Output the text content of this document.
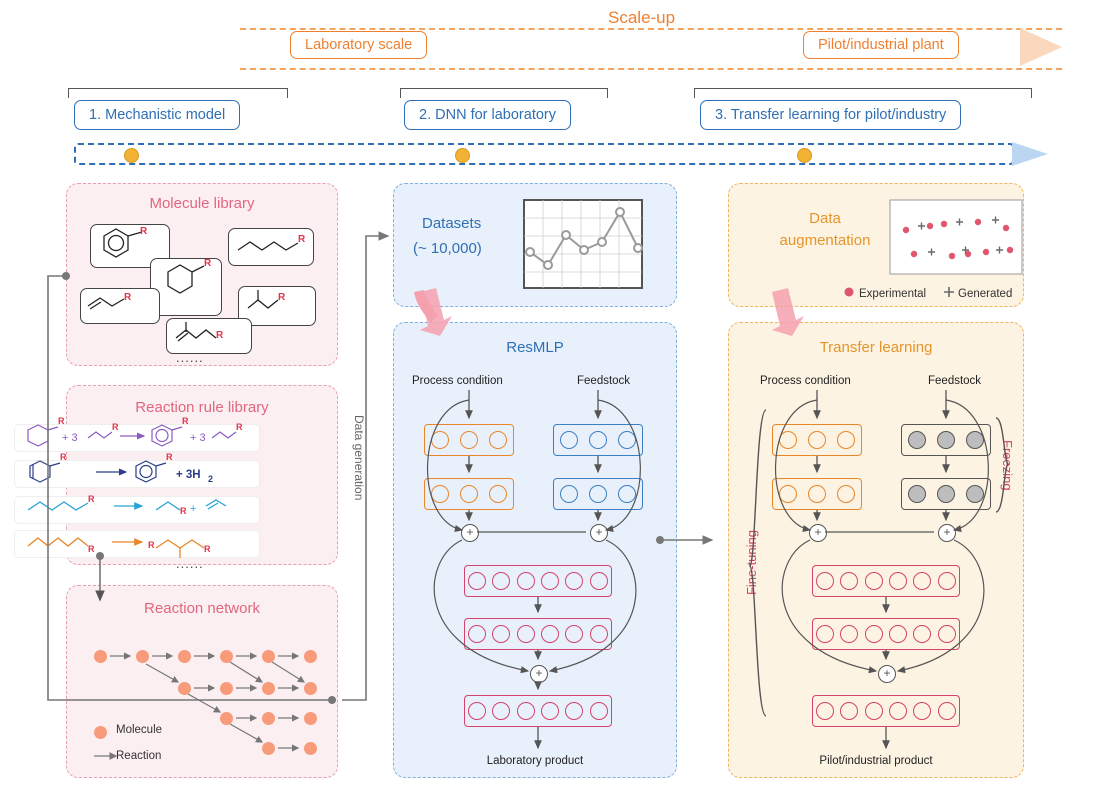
Scale-up
Laboratory scale	Pilot/industrial plant
1. Mechanistic model	2. DNN for laboratory	3. Transfer learning for pilot/industry
Molecule library
......
Reaction rule library
......
Reaction network
Molecule
Reaction
Datasets
(~ 10,000)
ResMLP
Process condition	Feedstock
+	+
+
Laboratory product
Data generation
Data
augmentation
Experimental	Generated
Transfer learning
Process condition	Feedstock
+	+
+
Pilot/industrial product
Freezing
Fine-tuning
R
R
R
R	R
R
R	R
R
R
+ 3	+ 3
R	R
+ 3H 2
R
R +
R	R
R
